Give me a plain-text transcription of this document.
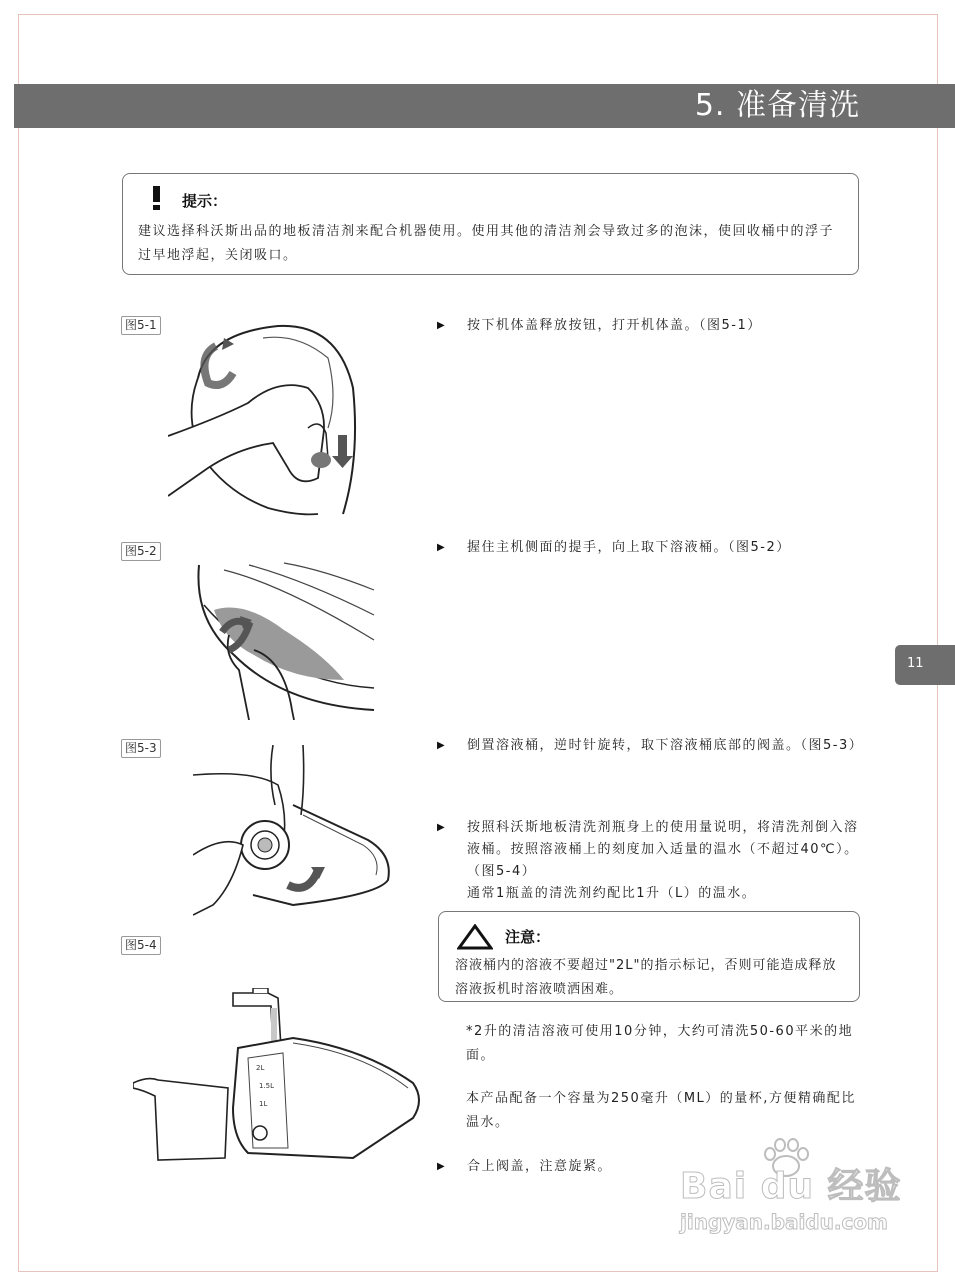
5. 准备清洗
提示：
建议选择科沃斯出品的地板清洁剂来配合机器使用。使用其他的清洁剂会导致过多的泡沫，使回收桶中的浮子过早地浮起，关闭吸口。
图5-1
图5-2
图5-3
图5-4
2L
1.5L
1L
▶ 按下机体盖释放按钮，打开机体盖。（图5-1）
▶ 握住主机侧面的提手，向上取下溶液桶。（图5-2）
▶ 倒置溶液桶，逆时针旋转，取下溶液桶底部的阀盖。（图5-3）
▶ 按照科沃斯地板清洗剂瓶身上的使用量说明，将清洗剂倒入溶液桶。按照溶液桶上的刻度加入适量的温水（不超过40℃）。（图5-4）
通常1瓶盖的清洗剂约配比1升（L）的温水。
注意：
溶液桶内的溶液不要超过"2L"的指示标记，否则可能造成释放溶液扳机时溶液喷洒困难。
*2升的清洁溶液可使用10分钟，大约可清洗50-60平米的地面。
本产品配备一个容量为250毫升（ML）的量杯,方便精确配比温水。
▶ 合上阀盖，注意旋紧。
11
Bai du 经验
jingyan.baidu.com
